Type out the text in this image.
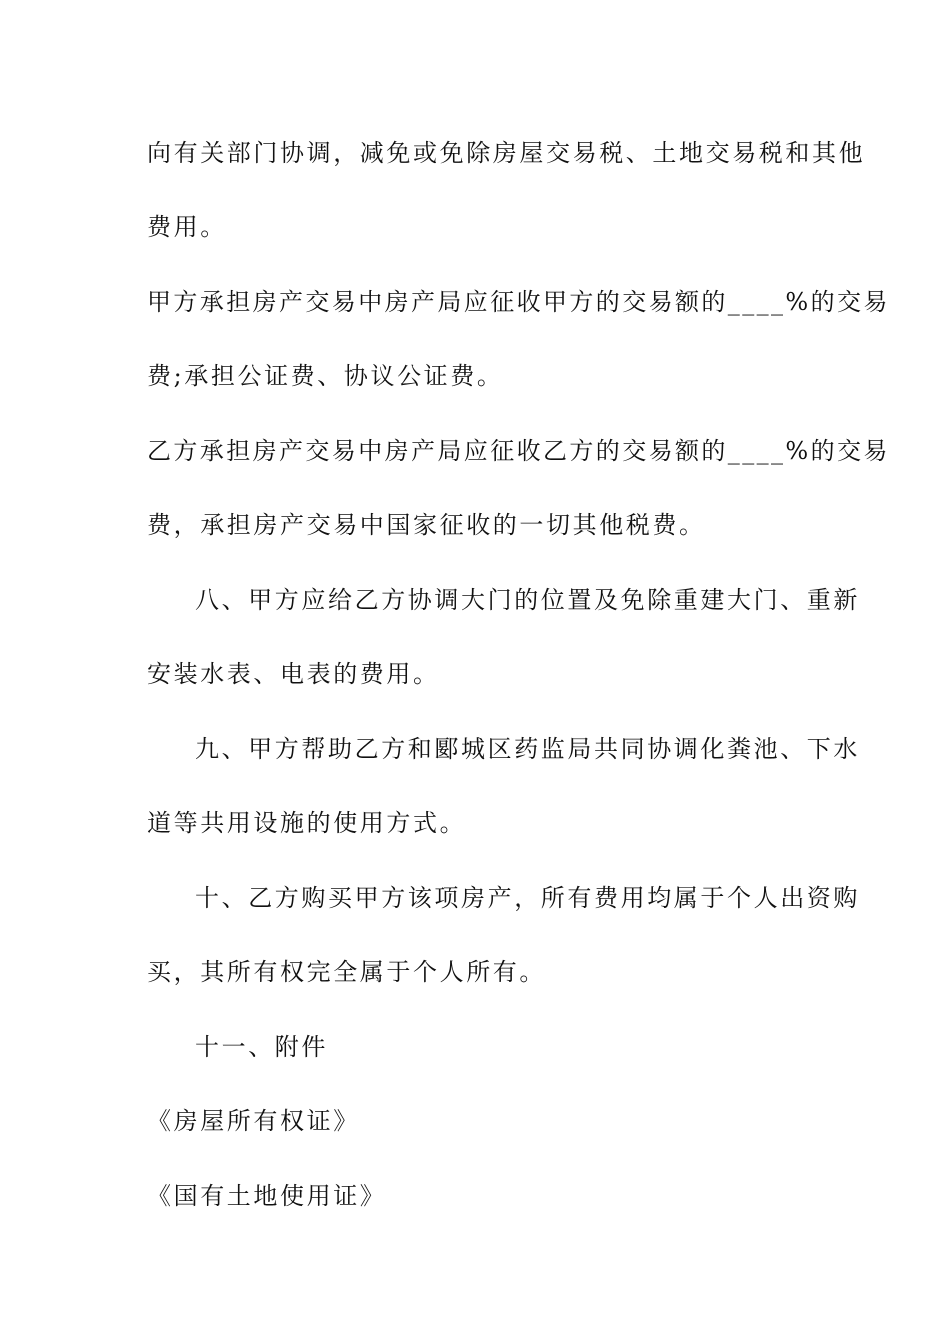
向有关部门协调，减免或免除房屋交易税、土地交易税和其他
费用。
甲方承担房产交易中房产局应征收甲方的交易额的____%的交易
费;承担公证费、协议公证费。
乙方承担房产交易中房产局应征收乙方的交易额的____%的交易
费，承担房产交易中国家征收的一切其他税费。
八、甲方应给乙方协调大门的位置及免除重建大门、重新
安装水表、电表的费用。
九、甲方帮助乙方和郾城区药监局共同协调化粪池、下水
道等共用设施的使用方式。
十、乙方购买甲方该项房产，所有费用均属于个人出资购
买，其所有权完全属于个人所有。
十一、附件
《房屋所有权证》
《国有土地使用证》
